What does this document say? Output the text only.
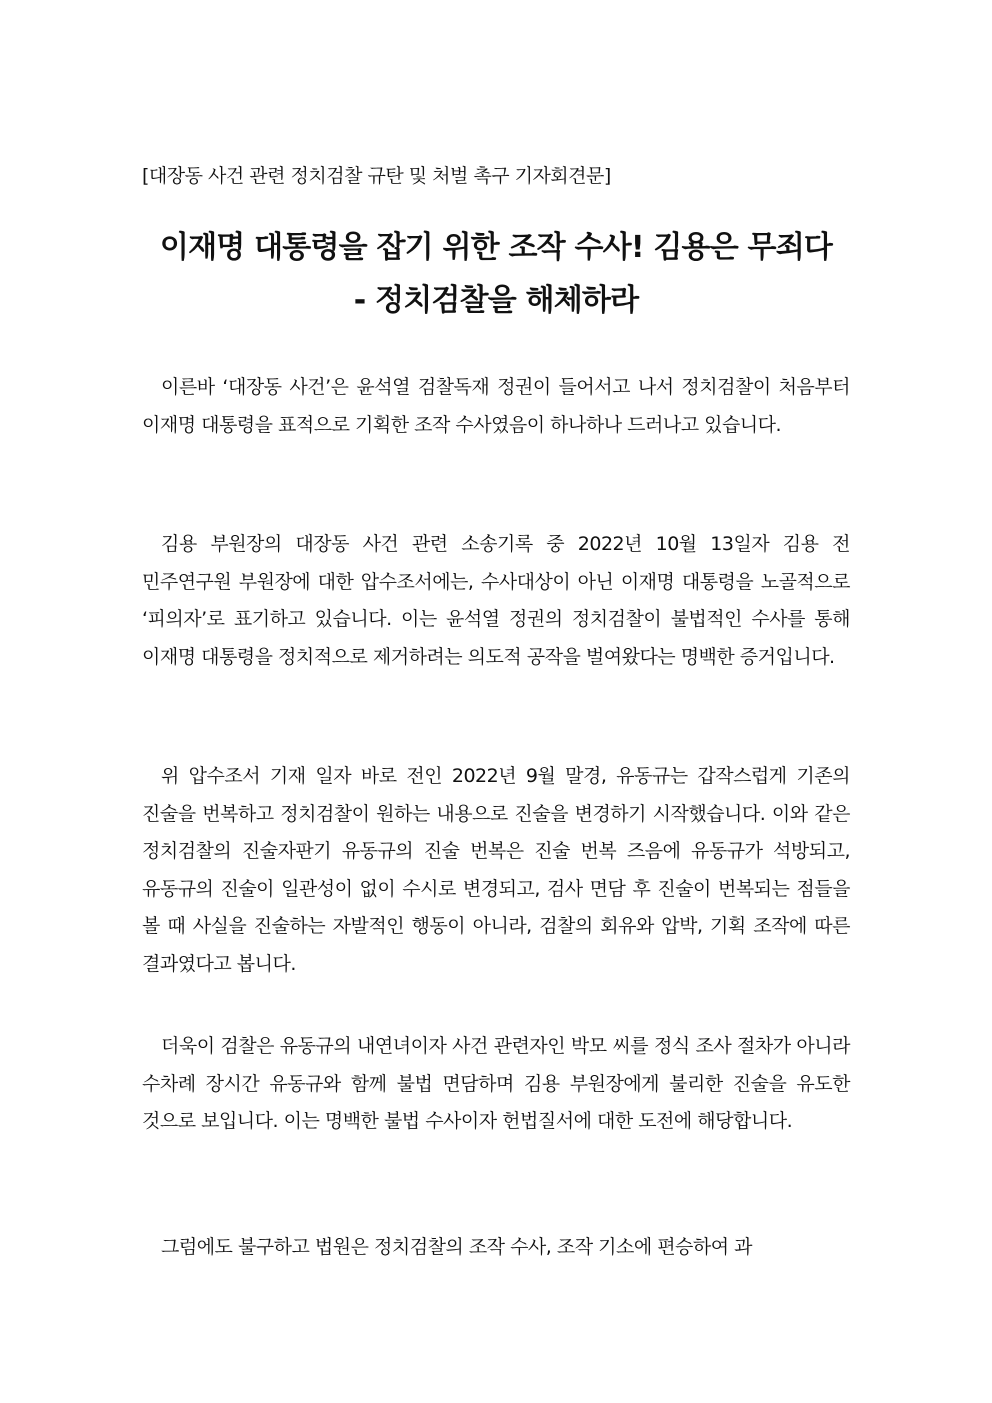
[대장동 사건 관련 정치검찰 규탄 및 처벌 촉구 기자회견문]
이재명 대통령을 잡기 위한 조작 수사! 김용은 무죄다
- 정치검찰을 해체하라

이른바 ‘대장동 사건’은 윤석열 검찰독재 정권이 들어서고 나서 정치검찰이 처음부터 이재명 대통령을 표적으로 기획한 조작 수사였음이 하나하나 드러나고 있습니다.

김용 부원장의 대장동 사건 관련 소송기록 중 2022년 10월 13일자 김용 전 민주연구원 부원장에 대한 압수조서에는, 수사대상이 아닌 이재명 대통령을 노골적으로 ‘피의자’로 표기하고 있습니다. 이는 윤석열 정권의 정치검찰이 불법적인 수사를 통해 이재명 대통령을 정치적으로 제거하려는 의도적 공작을 벌여왔다는 명백한 증거입니다.

위 압수조서 기재 일자 바로 전인 2022년 9월 말경, 유동규는 갑작스럽게 기존의 진술을 번복하고 정치검찰이 원하는 내용으로 진술을 변경하기 시작했습니다. 이와 같은 정치검찰의 진술자판기 유동규의 진술 번복은 진술 번복 즈음에 유동규가 석방되고, 유동규의 진술이 일관성이 없이 수시로 변경되고, 검사 면담 후 진술이 번복되는 점들을 볼 때 사실을 진술하는 자발적인 행동이 아니라, 검찰의 회유와 압박, 기획 조작에 따른 결과였다고 봅니다.

더욱이 검찰은 유동규의 내연녀이자 사건 관련자인 박모 씨를 정식 조사 절차가 아니라 수차례 장시간 유동규와 함께 불법 면담하며 김용 부원장에게 불리한 진술을 유도한 것으로 보입니다. 이는 명백한 불법 수사이자 헌법질서에 대한 도전에 해당합니다.

그럼에도 불구하고 법원은 정치검찰의 조작 수사, 조작 기소에 편승하여 과
